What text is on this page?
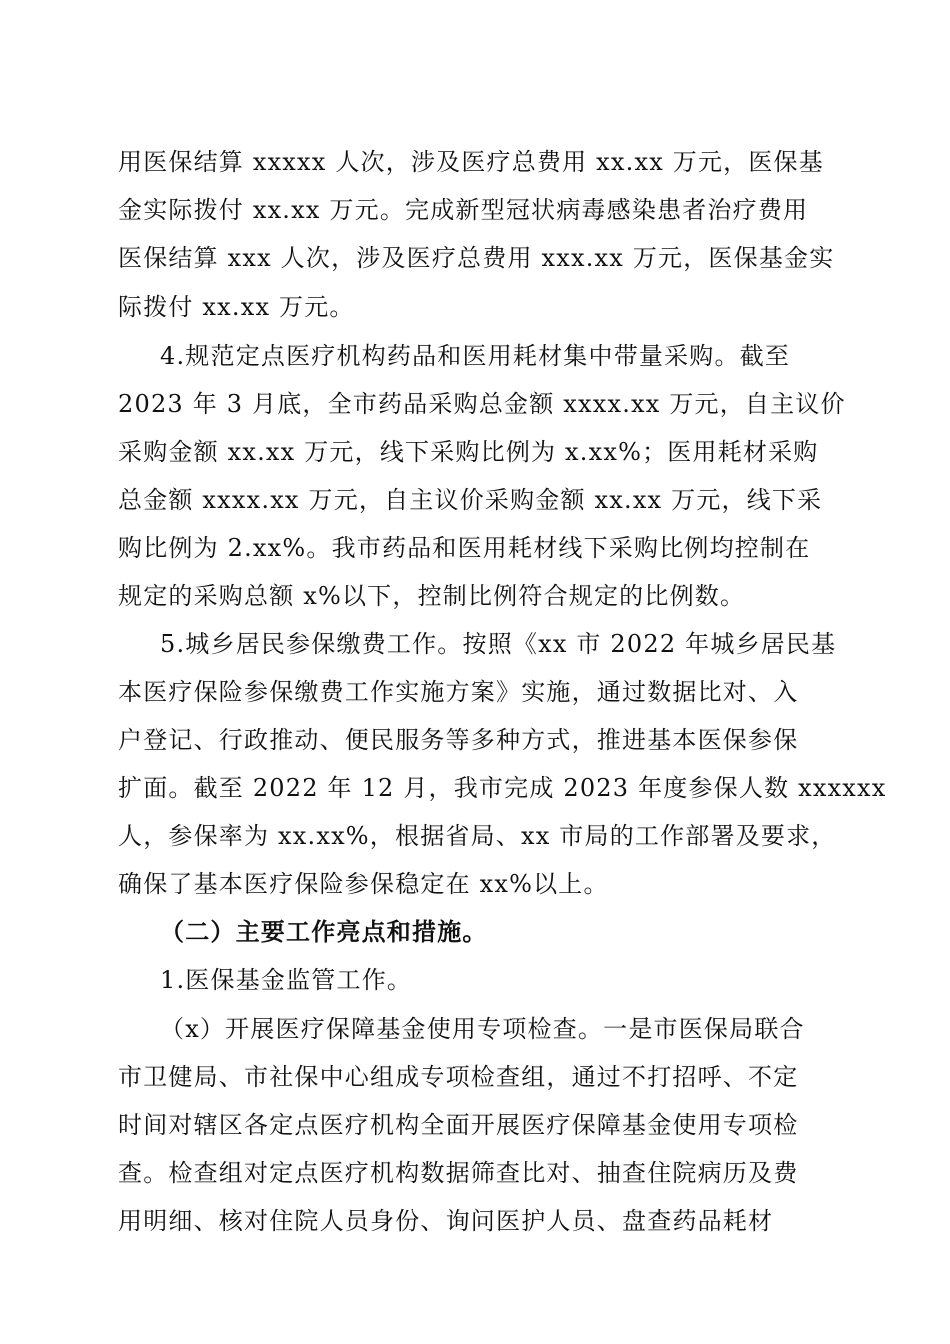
用医保结算 xxxxx 人次，涉及医疗总费用 xx.xx 万元，医保基
金实际拨付 xx.xx 万元。完成新型冠状病毒感染患者治疗费用
医保结算 xxx 人次，涉及医疗总费用 xxx.xx 万元，医保基金实
际拨付 xx.xx 万元。
4.规范定点医疗机构药品和医用耗材集中带量采购。截至
2023 年 3 月底，全市药品采购总金额 xxxx.xx 万元，自主议价
采购金额 xx.xx 万元，线下采购比例为 x.xx%；医用耗材采购
总金额 xxxx.xx 万元，自主议价采购金额 xx.xx 万元，线下采
购比例为 2.xx%。我市药品和医用耗材线下采购比例均控制在
规定的采购总额 x%以下，控制比例符合规定的比例数。
5.城乡居民参保缴费工作。按照《xx 市 2022 年城乡居民基
本医疗保险参保缴费工作实施方案》实施，通过数据比对、入
户登记、行政推动、便民服务等多种方式，推进基本医保参保
扩面。截至 2022 年 12 月，我市完成 2023 年度参保人数 xxxxxx
人，参保率为 xx.xx%，根据省局、xx 市局的工作部署及要求，
确保了基本医疗保险参保稳定在 xx%以上。
（二）主要工作亮点和措施。
1.医保基金监管工作。
（x）开展医疗保障基金使用专项检查。一是市医保局联合
市卫健局、市社保中心组成专项检查组，通过不打招呼、不定
时间对辖区各定点医疗机构全面开展医疗保障基金使用专项检
查。检查组对定点医疗机构数据筛查比对、抽查住院病历及费
用明细、核对住院人员身份、询问医护人员、盘查药品耗材
